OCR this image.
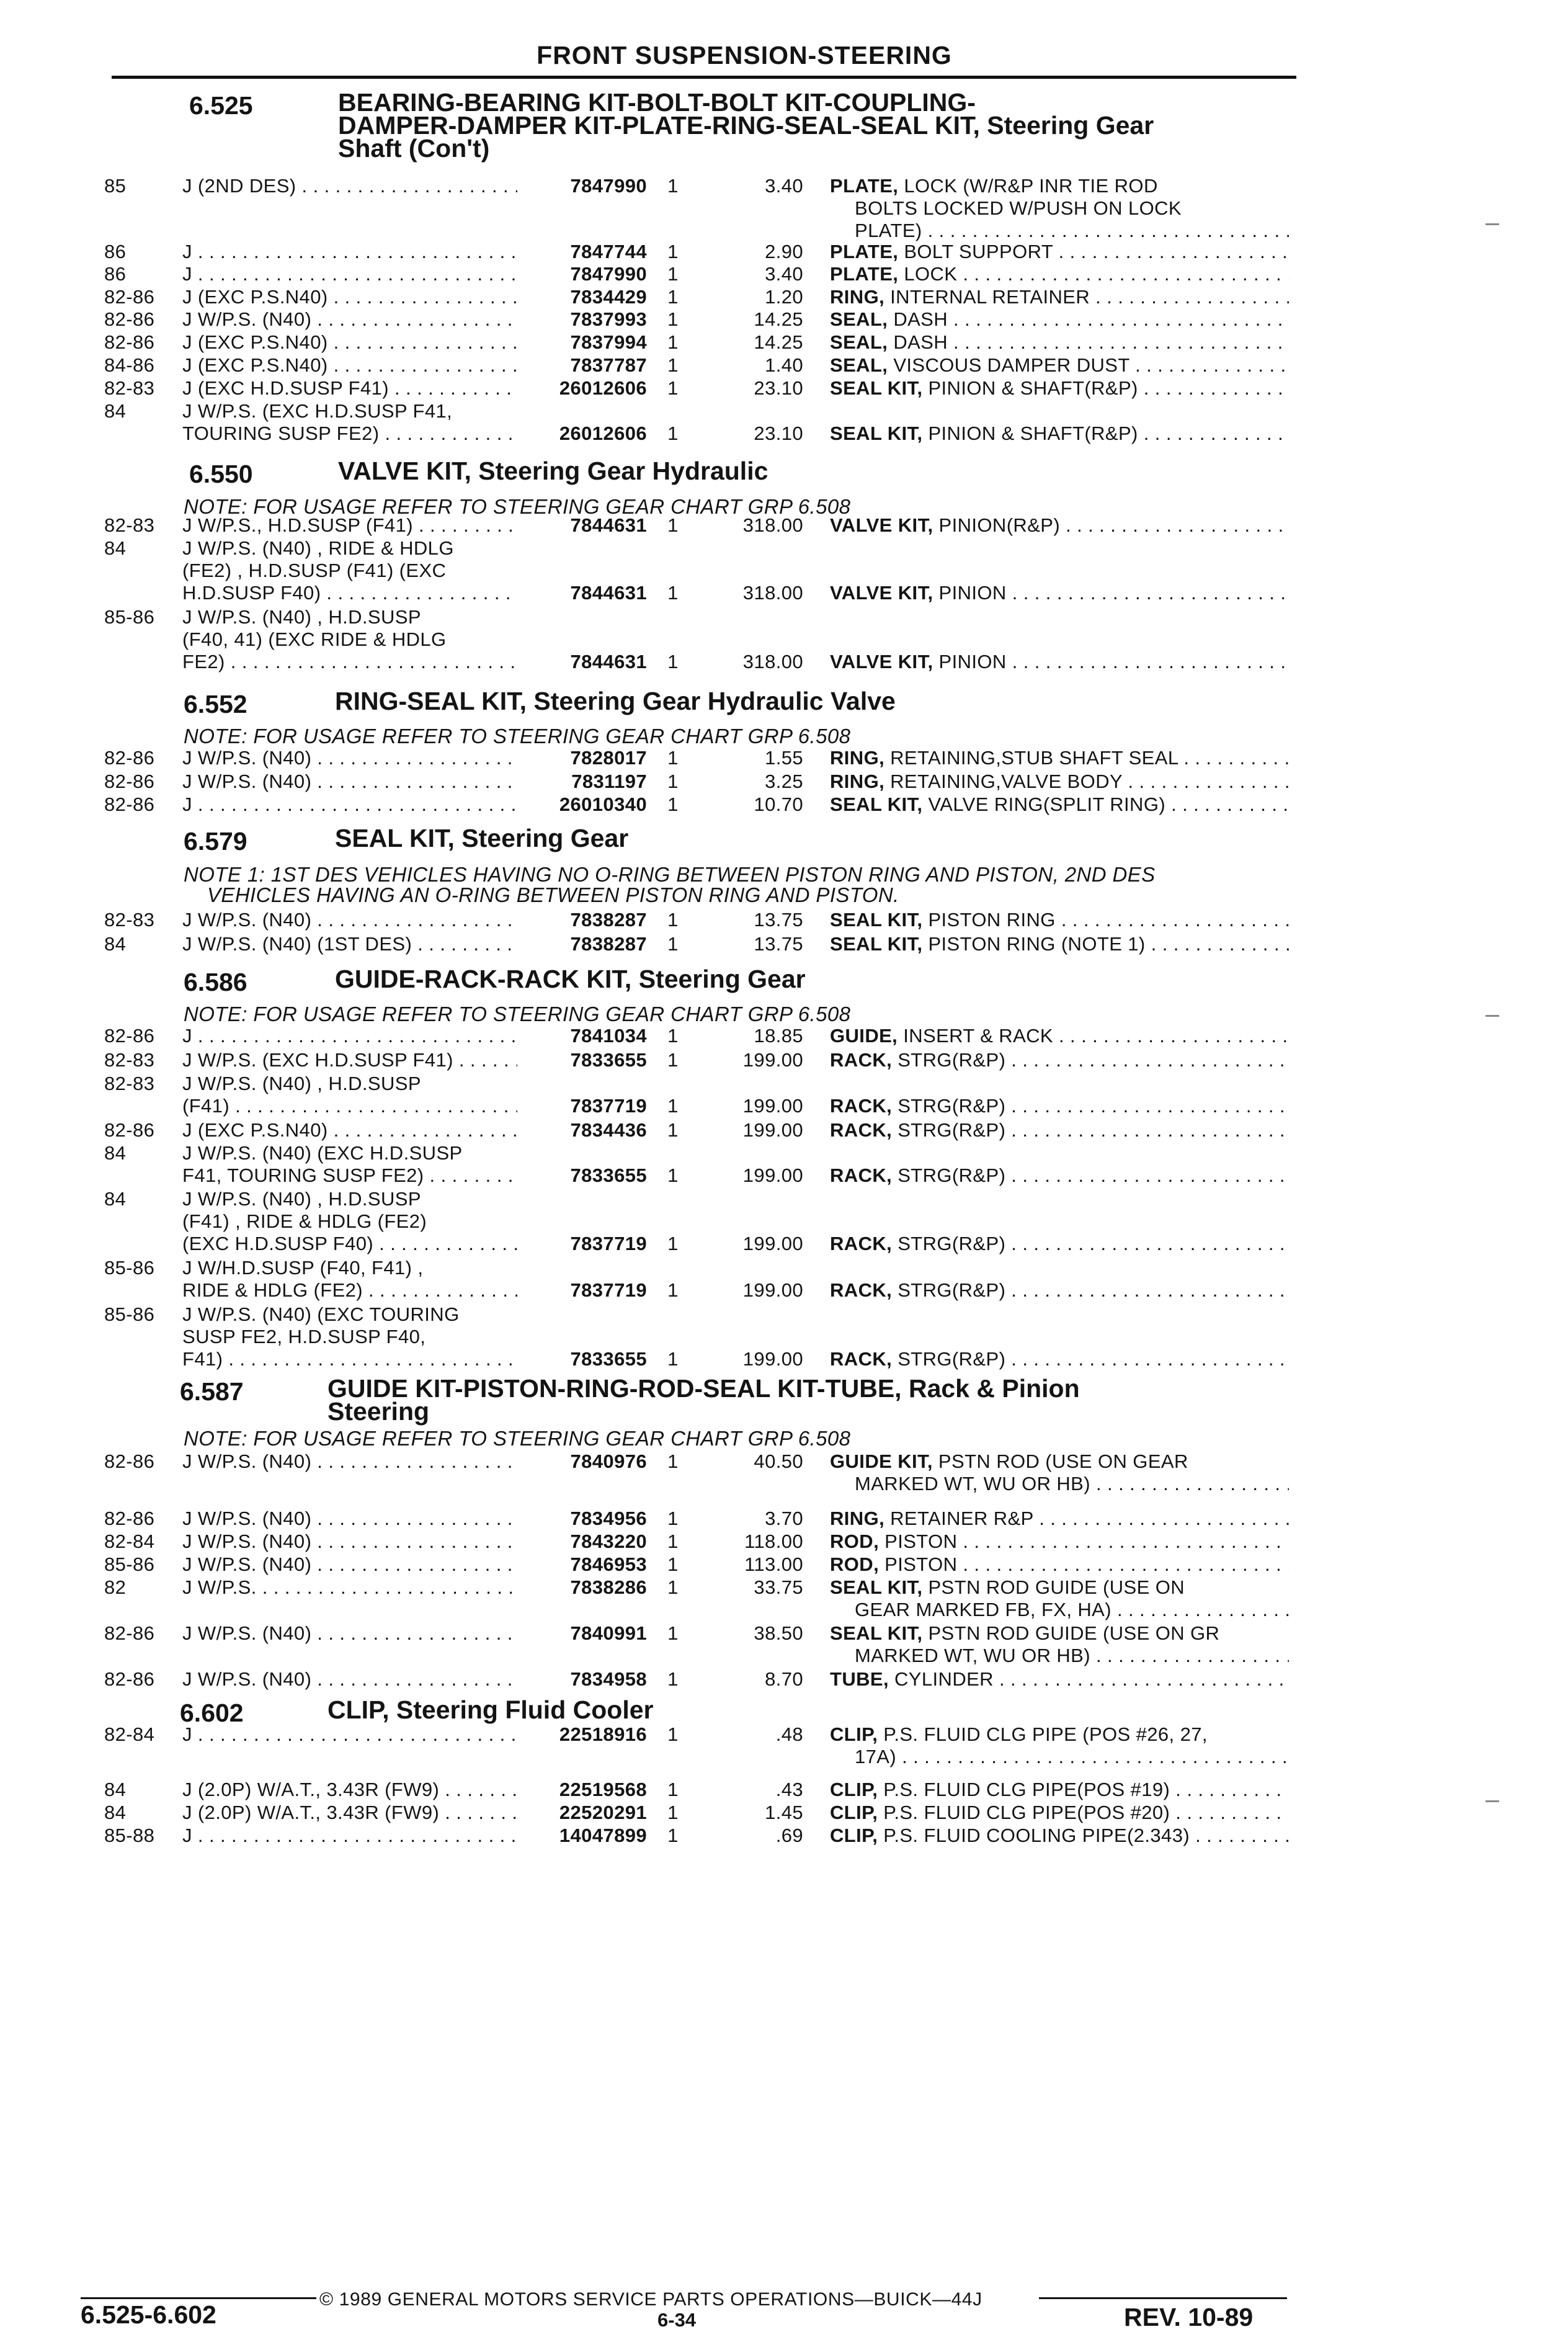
FRONT SUSPENSION-STEERING
6.525	BEARING-BEARING KIT-BOLT-BOLT KIT-COUPLING-
DAMPER-DAMPER KIT-PLATE-RING-SEAL-SEAL KIT, Steering Gear
Shaft (Con't)
6.550	VALVE KIT, Steering Gear Hydraulic
NOTE: FOR USAGE REFER TO STEERING GEAR CHART GRP 6.508
6.552	RING-SEAL KIT, Steering Gear Hydraulic Valve
NOTE: FOR USAGE REFER TO STEERING GEAR CHART GRP 6.508
6.579	SEAL KIT, Steering Gear
NOTE 1: 1ST DES VEHICLES HAVING NO O-RING BETWEEN PISTON RING AND PISTON, 2ND DES
VEHICLES HAVING AN O-RING BETWEEN PISTON RING AND PISTON.
6.586	GUIDE-RACK-RACK KIT, Steering Gear
NOTE: FOR USAGE REFER TO STEERING GEAR CHART GRP 6.508
6.587	GUIDE KIT-PISTON-RING-ROD-SEAL KIT-TUBE, Rack & Pinion
Steering
NOTE: FOR USAGE REFER TO STEERING GEAR CHART GRP 6.508
6.602	CLIP, Steering Fluid Cooler
85	J (2ND DES) . . .	7847990	1	3.40 PLATE, LOCK (W/R&P INR TIE ROD
BOLTS LOCKED W/PUSH ON LOCK
PLATE) . . .
86	J . . .	7847744	1	2.90 PLATE, BOLT SUPPORT . . .
86	J . . .	7847990	1	3.40 PLATE, LOCK . . .
82-86 J (EXC P.S.N40) . . .	7834429	1	1.20 RING, INTERNAL RETAINER . . .
82-86 J W/P.S. (N40) . . .	7837993	1	14.25 SEAL, DASH . . .
82-86 J (EXC P.S.N40) . . .	7837994	1	14.25 SEAL, DASH . . .
84-86 J (EXC P.S.N40) . . .	7837787	1	1.40 SEAL, VISCOUS DAMPER DUST . . .
82-83 J (EXC H.D.SUSP F41) . . .	26012606	1	23.10 SEAL KIT, PINION & SHAFT(R&P) . . .
84	J W/P.S. (EXC H.D.SUSP F41,
TOURING SUSP FE2) . . .	26012606	1	23.10 SEAL KIT, PINION & SHAFT(R&P) . . .
82-83 J W/P.S., H.D.SUSP (F41) . . .	7844631	1	318.00 VALVE KIT, PINION(R&P) . . .
84	J W/P.S. (N40) , RIDE & HDLG
(FE2) , H.D.SUSP (F41) (EXC
H.D.SUSP F40) . . .	7844631	1	318.00 VALVE KIT, PINION . . .
85-86 J W/P.S. (N40) , H.D.SUSP
(F40, 41) (EXC RIDE & HDLG
FE2) . . .	7844631	1	318.00 VALVE KIT, PINION . . .
82-86 J W/P.S. (N40) . . .	7828017	1	1.55 RING, RETAINING,STUB SHAFT SEAL . . .
82-86 J W/P.S. (N40) . . .	7831197	1	3.25 RING, RETAINING,VALVE BODY . . .
82-86 J . . .	26010340	1	10.70 SEAL KIT, VALVE RING(SPLIT RING) . . .
82-83 J W/P.S. (N40) . . .	7838287	1	13.75 SEAL KIT, PISTON RING . . .
84	J W/P.S. (N40) (1ST DES) . . .	7838287	1	13.75 SEAL KIT, PISTON RING (NOTE 1) . . .
82-86 J . . .	7841034	1	18.85 GUIDE, INSERT & RACK . . .
82-83 J W/P.S. (EXC H.D.SUSP F41) . . .	7833655	1	199.00 RACK, STRG(R&P) . . .
82-83 J W/P.S. (N40) , H.D.SUSP
(F41) . . .	7837719	1	199.00 RACK, STRG(R&P) . . .
82-86 J (EXC P.S.N40) . . .	7834436	1	199.00 RACK, STRG(R&P) . . .
84	J W/P.S. (N40) (EXC H.D.SUSP
F41, TOURING SUSP FE2) . . .	7833655	1	199.00 RACK, STRG(R&P) . . .
84	J W/P.S. (N40) , H.D.SUSP
(F41) , RIDE & HDLG (FE2)
(EXC H.D.SUSP F40) . . .	7837719	1	199.00 RACK, STRG(R&P) . . .
85-86 J W/H.D.SUSP (F40, F41) ,
RIDE & HDLG (FE2) . . .	7837719	1	199.00 RACK, STRG(R&P) . . .
85-86 J W/P.S. (N40) (EXC TOURING
SUSP FE2, H.D.SUSP F40,
F41) . . .	7833655	1	199.00 RACK, STRG(R&P) . . .
82-86 J W/P.S. (N40) . . .	7840976	1	40.50 GUIDE KIT, PSTN ROD (USE ON GEAR
MARKED WT, WU OR HB) . . .
82-86 J W/P.S. (N40) . . .	7834956	1	3.70 RING, RETAINER R&P . . .
82-84 J W/P.S. (N40) . . .	7843220	1	118.00 ROD, PISTON . . .
85-86 J W/P.S. (N40) . . .	7846953	1	113.00 ROD, PISTON . . .
82	J W/P.S. . . .	7838286	1	33.75 SEAL KIT, PSTN ROD GUIDE (USE ON
GEAR MARKED FB, FX, HA) . . .
82-86 J W/P.S. (N40) . . .	7840991	1	38.50 SEAL KIT, PSTN ROD GUIDE (USE ON GR
MARKED WT, WU OR HB) . . .
82-86 J W/P.S. (N40) . . .	7834958	1	8.70 TUBE, CYLINDER . . .
82-84 J . . .	22518916	1	.48 CLIP, P.S. FLUID CLG PIPE (POS #26, 27,
17A) . . .
84	J (2.0P) W/A.T., 3.43R (FW9) . . .	22519568	1	.43 CLIP, P.S. FLUID CLG PIPE(POS #19) . . .
84	J (2.0P) W/A.T., 3.43R (FW9) . . .	22520291	1	1.45 CLIP, P.S. FLUID CLG PIPE(POS #20) . . .
85-88 J . . .	14047899	1	.69 CLIP, P.S. FLUID COOLING PIPE(2.343) . . .
© 1989 GENERAL MOTORS SERVICE PARTS OPERATIONS—BUICK—44J
6.525-6.602	6-34	REV. 10-89
